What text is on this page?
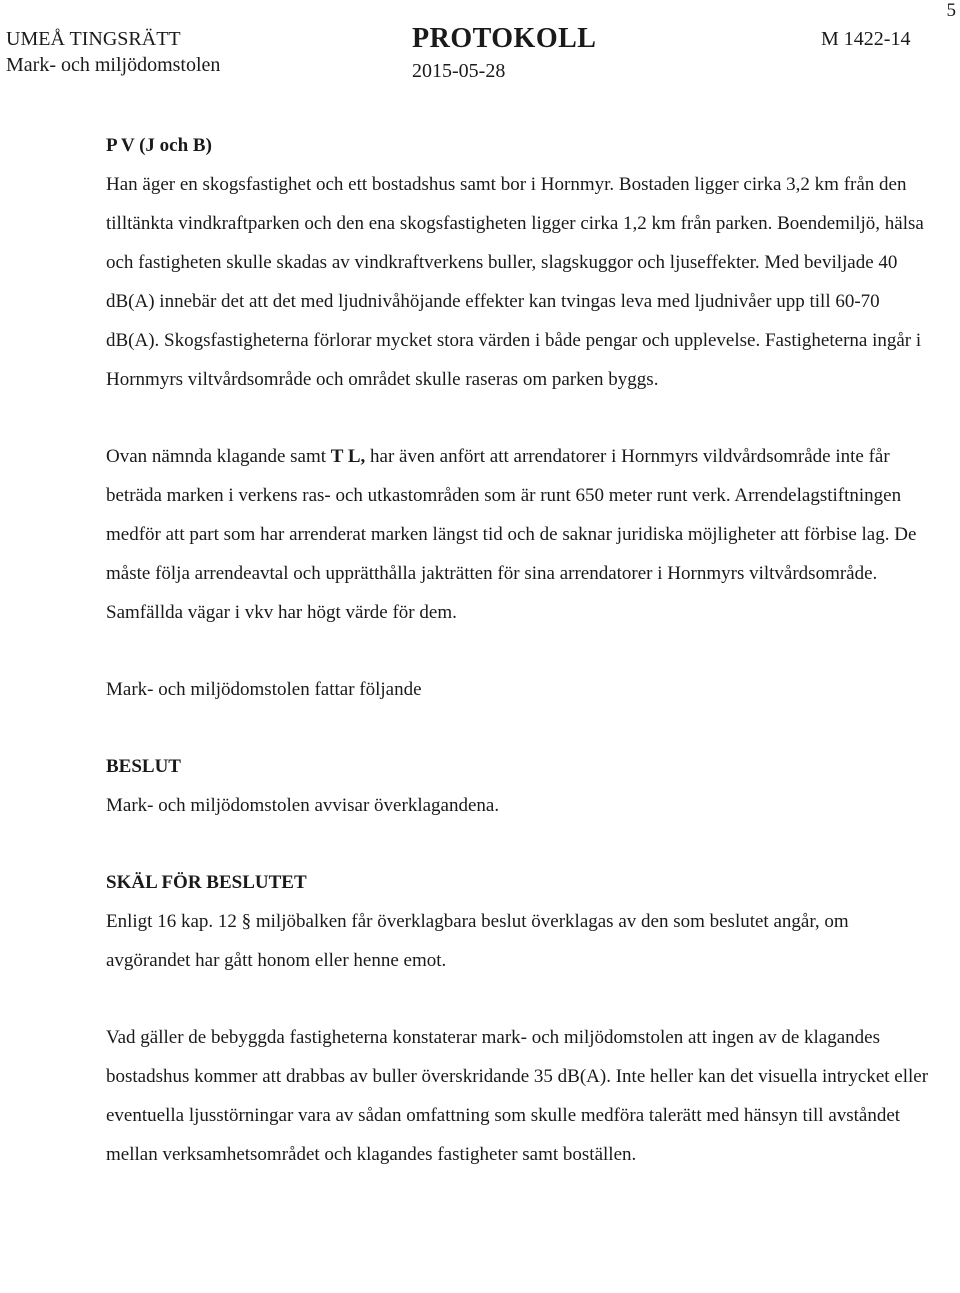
5
UMEÅ TINGSRÄTT
Mark- och miljödomstolen
PROTOKOLL
2015-05-28
M 1422-14

P V (J och B)

Han äger en skogsfastighet och ett bostadshus samt bor i Hornmyr. Bostaden ligger cirka 3,2 km från den tilltänkta vindkraftparken och den ena skogsfastigheten ligger cirka 1,2 km från parken. Boendemiljö, hälsa och fastigheten skulle skadas av vindkraftverkens buller, slagskuggor och ljuseffekter. Med beviljade 40 dB(A) innebär det att det med ljudnivåhöjande effekter kan tvingas leva med ljudnivåer upp till 60-70 dB(A). Skogsfastigheterna förlorar mycket stora värden i både pengar och upplevelse. Fastigheterna ingår i Hornmyrs viltvårdsområde och området skulle raseras om parken byggs.

Ovan nämnda klagande samt T L, har även anfört att arrendatorer i Hornmyrs vildvårdsområde inte får beträda marken i verkens ras- och utkastområden som är runt 650 meter runt verk. Arrendelagstiftningen medför att part som har arrenderat marken längst tid och de saknar juridiska möjligheter att förbise lag. De måste följa arrendeavtal och upprätthålla jakträtten för sina arrendatorer i Hornmyrs viltvårdsområde. Samfällda vägar i vkv har högt värde för dem.

Mark- och miljödomstolen fattar följande

BESLUT

Mark- och miljödomstolen avvisar överklagandena.

SKÄL FÖR BESLUTET

Enligt 16 kap. 12 § miljöbalken får överklagbara beslut överklagas av den som beslutet angår, om avgörandet har gått honom eller henne emot.

Vad gäller de bebyggda fastigheterna konstaterar mark- och miljödomstolen att ingen av de klagandes bostadshus kommer att drabbas av buller överskridande 35 dB(A). Inte heller kan det visuella intrycket eller eventuella ljusstörningar vara av sådan omfattning som skulle medföra talerätt med hänsyn till avståndet mellan verksamhetsområdet och klagandes fastigheter samt boställen.
